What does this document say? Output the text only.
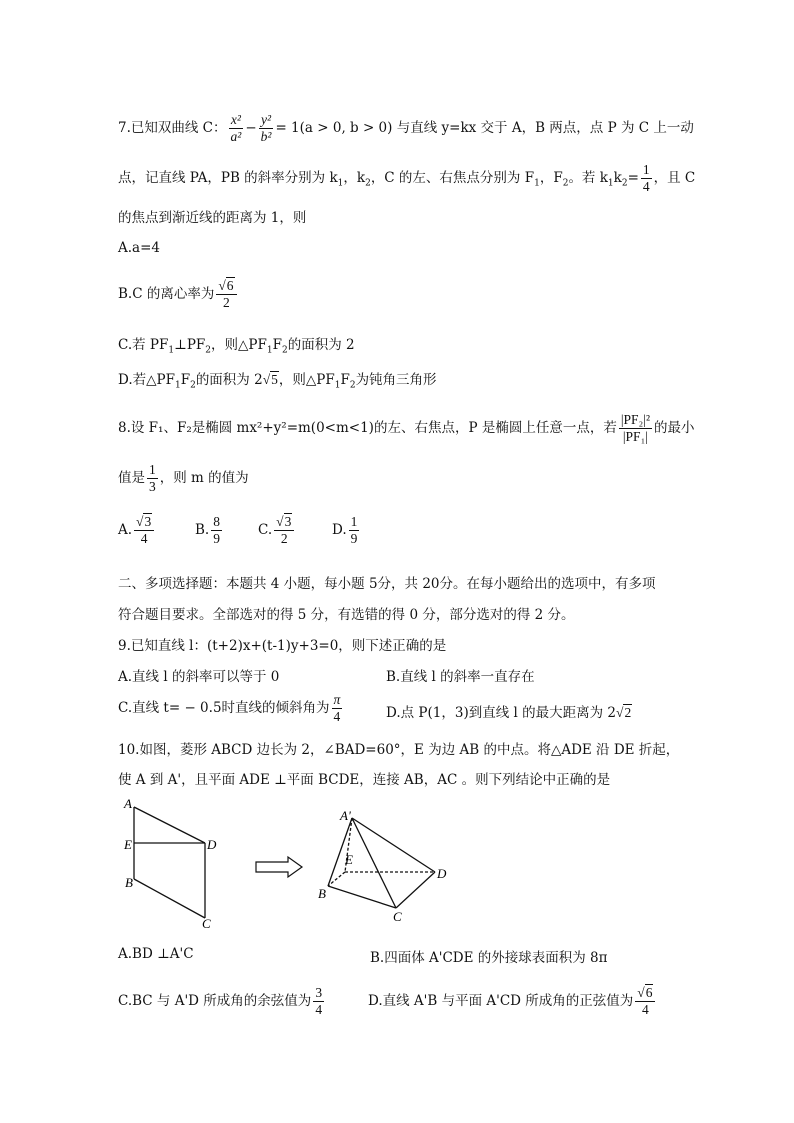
7.已知双曲线 C： $\frac{\text{x²}}{\text{a²}} - \frac{\text{y²}}{\text{b²}} = 1(a > 0$, b > 0) 与直线 y=kx 交于 A，B 两点，点 P 为 C 上一动
点，记直线 PA，PB 的斜率分别为 $k_1$，$k_2$，C 的左、右焦点分别为 $F_1$，$F_2$。若 $k_1k_2= \frac{1}{4}$ ，且 C
的焦点到渐近线的距离为 1，则
A.a=4
B.C 的离心率为 $\frac{√6}{2}$
C.若 $PF_1\perp PF_2$，则$\triangle PF_1F_2$的面积为 2
D.若$\triangle PF_1F_2$的面积为 2√5，则$\triangle PF_1F_2$为钝角三角形
8.设 F₁、F₂是椭圆 mx²+y²=m(0<m<1)的左、右焦点，P 是椭圆上任意一点，若 $\frac{\text{|PF₂|²}}{\text{|PF₁|}}$ 的最小
值是 $\frac{1}{3}$ ，则 m 的值为
A. $\frac{√3}{4}$	B. $\frac{8}{9}$	C. $\frac{√3}{2}$	D. $\frac{1}{9}$
二、多项选择题：本题共 4 小题，每小题 5分，共 20分。在每小题给出的选项中，有多项
符合题目要求。全部选对的得 5 分，有选错的得 0 分，部分选对的得 2 分。
9.已知直线 l：(t+2)x+(t-1)y+3=0，则下述正确的是
A.直线 l 的斜率可以等于 0	B.直线 l 的斜率一直存在
C.直线 t= − 0.5时直线的倾斜角为 $\frac{\pi}{4}$	D.点 P(1，3)到直线 l 的最大距离为 2√2
10.如图，菱形 ABCD 边长为 2，∠BAD=60°，E 为边 AB 的中点。将△ADE 沿 DE 折起，
使 A 到 A'，且平面 ADE ⊥平面 BCDE，连接 AB，AC 。则下列结论中正确的是
A
E
B
D
C
A'
E
D
B
C
A.BD ⊥A'C	B.四面体 A'CDE 的外接球表面积为 8π
C.BC 与 A'D 所成角的余弦值为 $\frac{3}{4}$	D.直线 A'B 与平面 A'CD 所成角的正弦值为 $\frac{√6}{4}$
